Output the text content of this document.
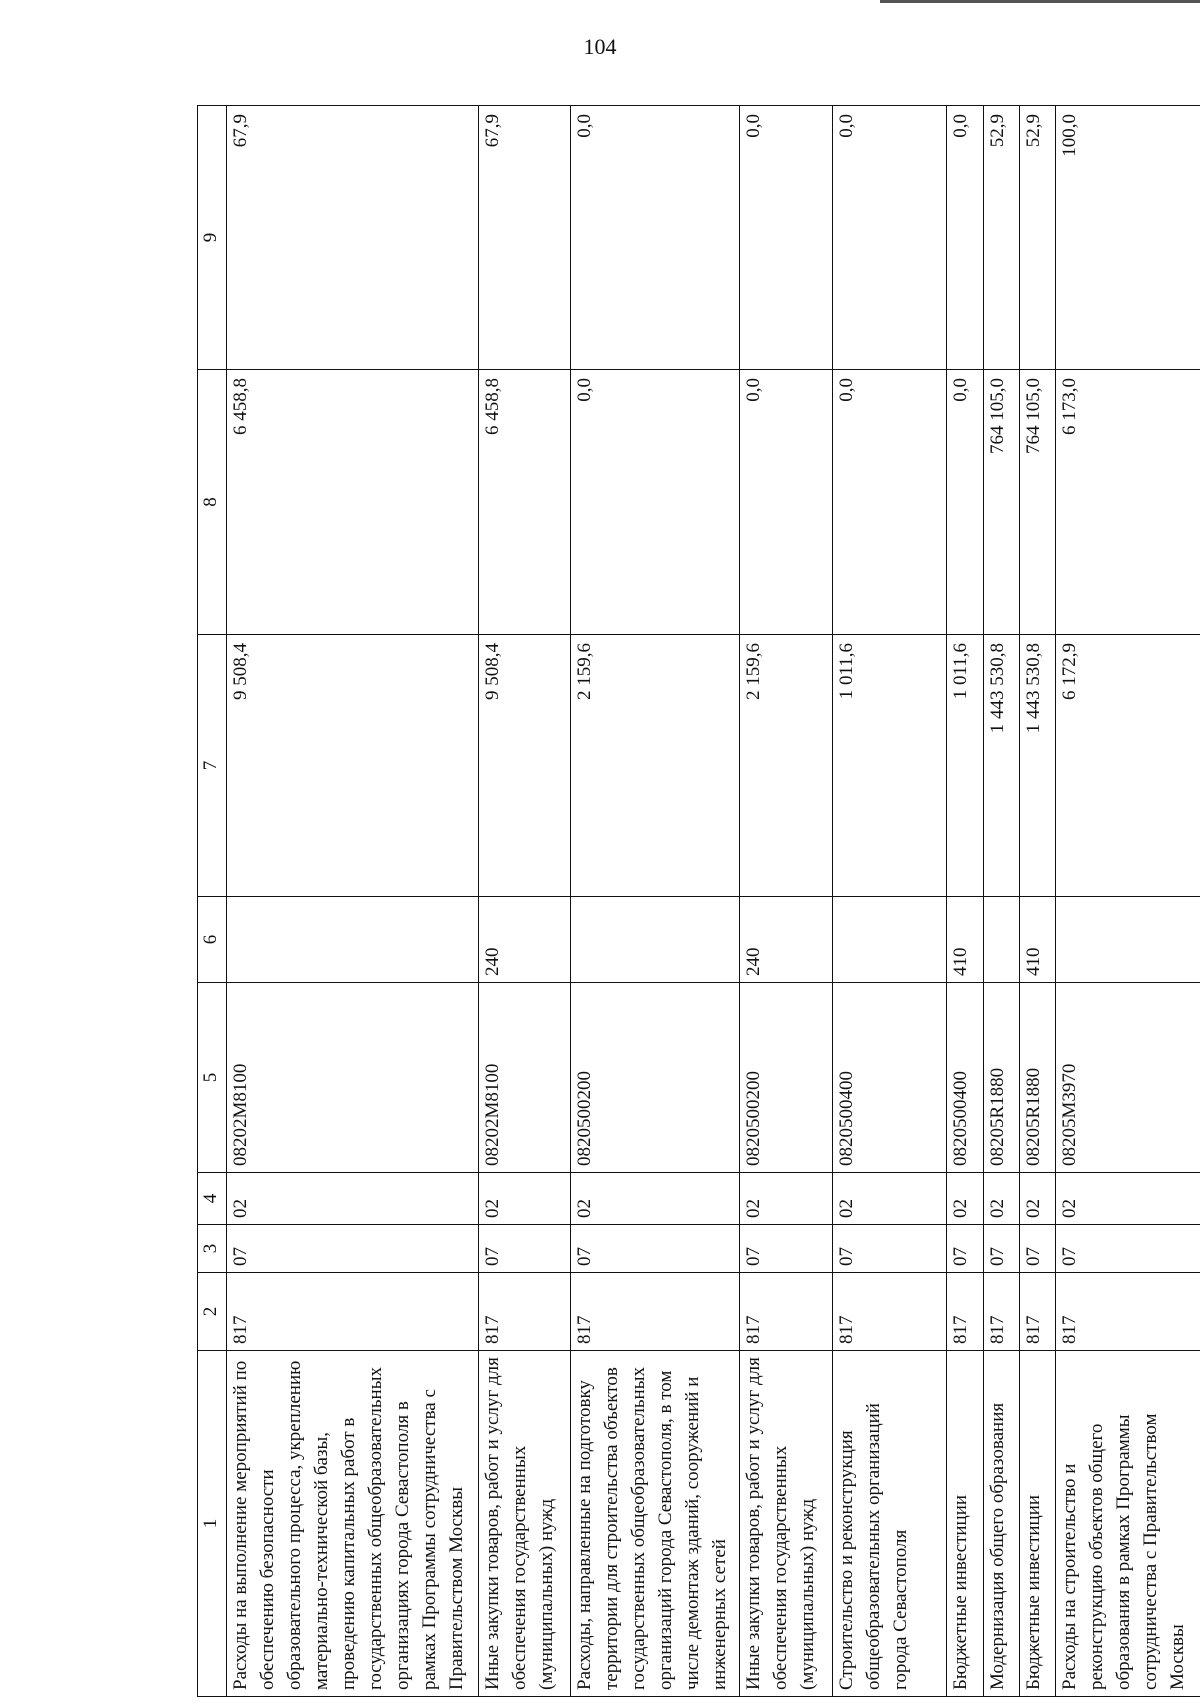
104
1	2	3	4	5	6	7	8	9
Расходы на выполнение мероприятий по обеспечению безопасности образовательного процесса, укреплению материально-технической базы, проведению капитальных работ в государственных общеобразовательных организациях города Севастополя в рамках Программы сотрудничества с Правительством Москвы	817	07	02	08202M8100		9 508,4	6 458,8	67,9
Иные закупки товаров, работ и услуг для обеспечения государственных (муниципальных) нужд	817	07	02	08202M8100	240	9 508,4	6 458,8	67,9
Расходы, направленные на подготовку территории для строительства объектов государственных общеобразовательных организаций города Севастополя, в том числе демонтаж зданий, сооружений и инженерных сетей	817	07	02	0820500200		2 159,6	0,0	0,0
Иные закупки товаров, работ и услуг для обеспечения государственных (муниципальных) нужд	817	07	02	0820500200	240	2 159,6	0,0	0,0
Строительство и реконструкция общеобразовательных организаций города Севастополя	817	07	02	0820500400		1 011,6	0,0	0,0
Бюджетные инвестиции	817	07	02	0820500400	410	1 011,6	0,0	0,0
Модернизация общего образования	817	07	02	08205R1880		1 443 530,8	764 105,0	52,9
Бюджетные инвестиции	817	07	02	08205R1880	410	1 443 530,8	764 105,0	52,9
Расходы на строительство и реконструкцию объектов общего образования в рамках Программы сотрудничества с Правительством Москвы	817	07	02	08205M3970		6 172,9	6 173,0	100,0
